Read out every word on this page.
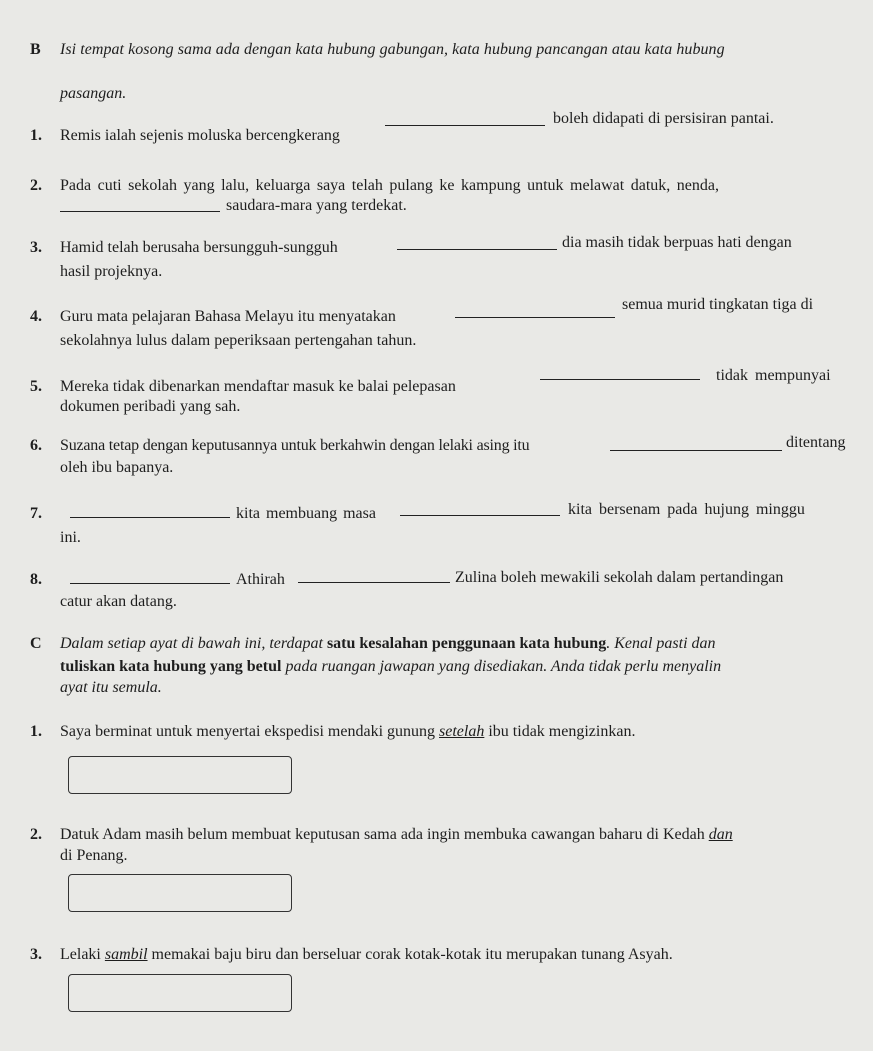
B Isi tempat kosong sama ada dengan kata hubung gabungan, kata hubung pancangan atau kata hubung
pasangan.
1. Remis ialah sejenis moluska bercengkerang
boleh didapati di persisiran pantai.
2. Pada cuti sekolah yang lalu, keluarga saya telah pulang ke kampung untuk melawat datuk, nenda,
saudara-mara yang terdekat.
3. Hamid telah berusaha bersungguh-sungguh	dia masih tidak berpuas hati dengan
hasil projeknya.
4. Guru mata pelajaran Bahasa Melayu itu menyatakan
semua murid tingkatan tiga di
sekolahnya lulus dalam peperiksaan pertengahan tahun.
5. Mereka tidak dibenarkan mendaftar masuk ke balai pelepasan
tidak mempunyai
dokumen peribadi yang sah.
6. Suzana tetap dengan keputusannya untuk berkahwin dengan lelaki asing itu	ditentang
oleh ibu bapanya.
7.	kita membuang masa	kita bersenam pada hujung minggu
ini.
8.	Athirah	Zulina boleh mewakili sekolah dalam pertandingan
catur akan datang.
C Dalam setiap ayat di bawah ini, terdapat satu kesalahan penggunaan kata hubung. Kenal pasti dan
tuliskan kata hubung yang betul pada ruangan jawapan yang disediakan. Anda tidak perlu menyalin
ayat itu semula.
1. Saya berminat untuk menyertai ekspedisi mendaki gunung setelah ibu tidak mengizinkan.
2. Datuk Adam masih belum membuat keputusan sama ada ingin membuka cawangan baharu di Kedah dan
di Penang.
3. Lelaki sambil memakai baju biru dan berseluar corak kotak-kotak itu merupakan tunang Asyah.
